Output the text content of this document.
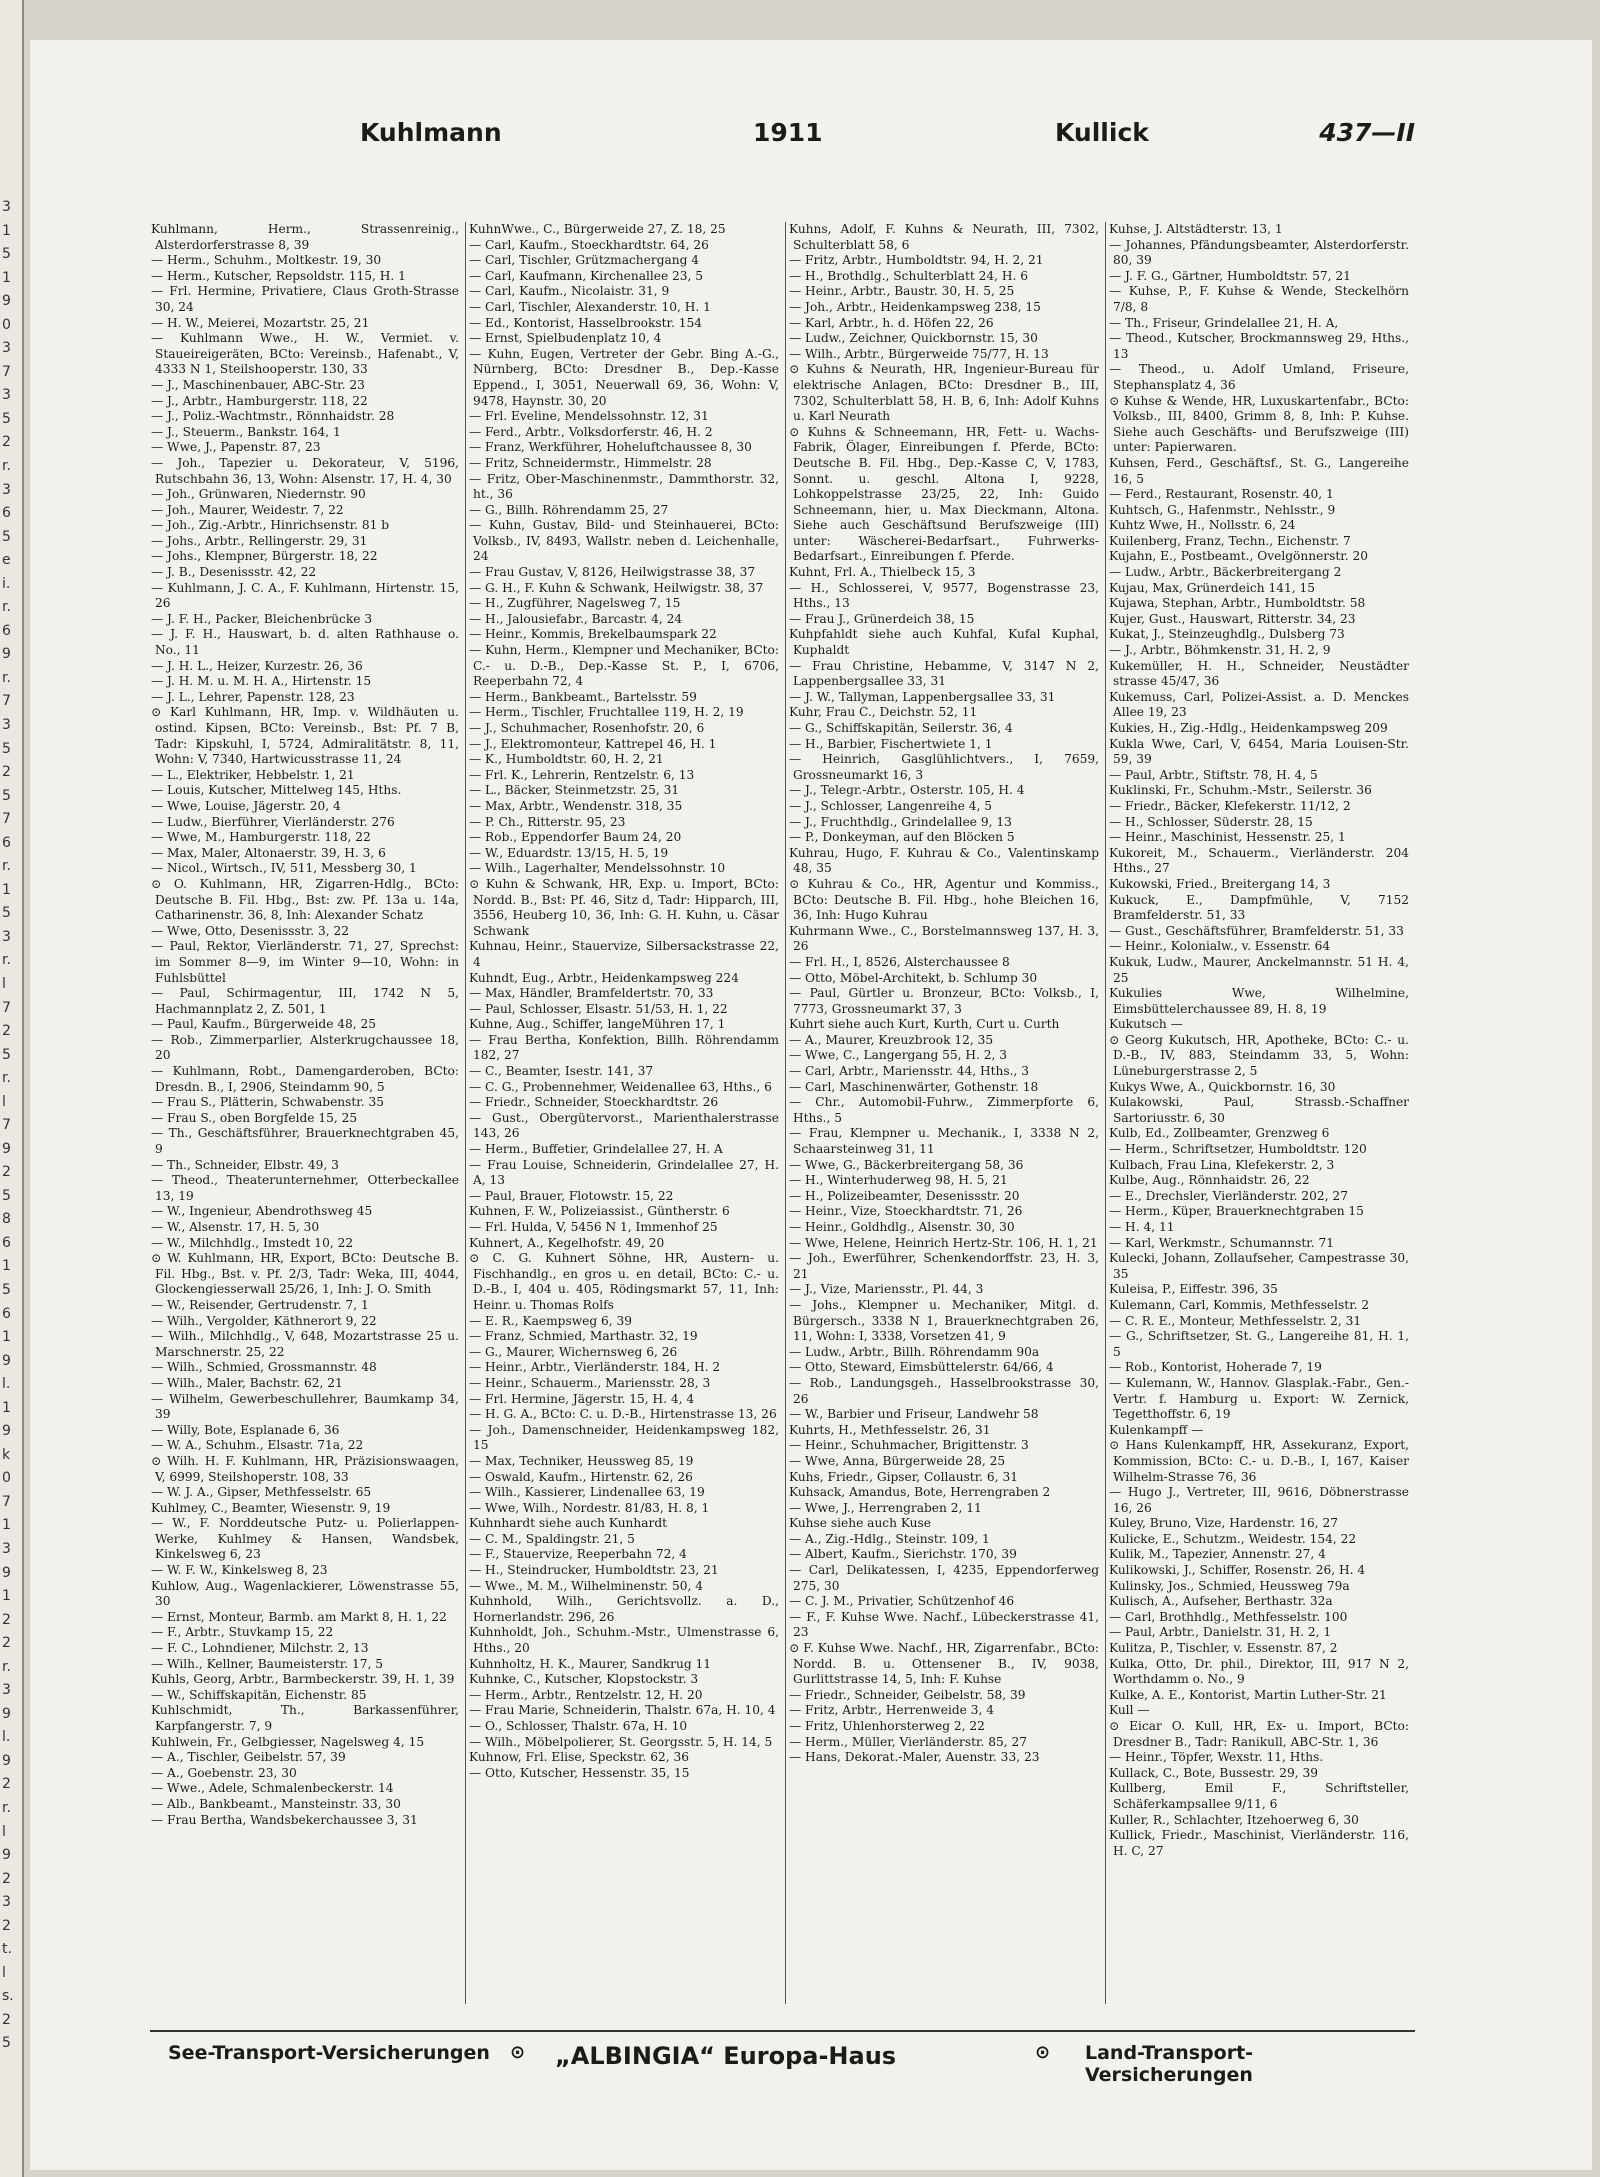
3
1
5
1
9
0
3
7
3
5
2
r.
3
6
5
e
i.
r.
6
9
r.
7
3
5
2
5
7
6
r.
1
5
3
r.
l
7
2
5
r.
l
7
9
2
5
8
6
1
5
6
1
9
l.
1
9
k
0
7
1
3
9
1
2
2
r.
3
9
l.
9
2
r.
l
9
2
3
2
t.
l
s.
2
5
Kuhlmann	1911	Kullick	437—II
Kuhlmann, Herm., Strassenreinig., Alsterdorferstrasse 8, 39
— Herm., Schuhm., Moltkestr. 19, 30
— Herm., Kutscher, Repsoldstr. 115, H. 1
— Frl. Hermine, Privatiere, Claus Groth-Strasse 30, 24
— H. W., Meierei, Mozartstr. 25, 21
— Kuhlmann Wwe., H. W., Vermiet. v. Staueireigeräten, BCto: Vereinsb., Hafenabt., V, 4333 N 1, Steilshooperstr. 130, 33
— J., Maschinenbauer, ABC-Str. 23
— J., Arbtr., Hamburgerstr. 118, 22
— J., Poliz.-Wachtmstr., Rönnhaidstr. 28
— J., Steuerm., Bankstr. 164, 1
— Wwe, J., Papenstr. 87, 23
— Joh., Tapezier u. Dekorateur, V, 5196, Rutschbahn 36, 13, Wohn: Alsenstr. 17, H. 4, 30
— Joh., Grünwaren, Niedernstr. 90
— Joh., Maurer, Weidestr. 7, 22
— Joh., Zig.-Arbtr., Hinrichsenstr. 81 b
— Johs., Arbtr., Rellingerstr. 29, 31
— Johs., Klempner, Bürgerstr. 18, 22
— J. B., Desenissstr. 42, 22
— Kuhlmann, J. C. A., F. Kuhlmann, Hirtenstr. 15, 26
— J. F. H., Packer, Bleichenbrücke 3
— J. F. H., Hauswart, b. d. alten Rathhause o. No., 11
— J. H. L., Heizer, Kurzestr. 26, 36
— J. H. M. u. M. H. A., Hirtenstr. 15
— J. L., Lehrer, Papenstr. 128, 23
⊙ Karl Kuhlmann, HR, Imp. v. Wildhäuten u. ostind. Kipsen, BCto: Vereinsb., Bst: Pf. 7 B, Tadr: Kipskuhl, I, 5724, Admiralitätstr. 8, 11, Wohn: V, 7340, Hartwicusstrasse 11, 24
— L., Elektriker, Hebbelstr. 1, 21
— Louis, Kutscher, Mittelweg 145, Hths.
— Wwe, Louise, Jägerstr. 20, 4
— Ludw., Bierführer, Vierländerstr. 276
— Wwe, M., Hamburgerstr. 118, 22
— Max, Maler, Altonaerstr. 39, H. 3, 6
— Nicol., Wirtsch., IV, 511, Messberg 30, 1
⊙ O. Kuhlmann, HR, Zigarren-Hdlg., BCto: Deutsche B. Fil. Hbg., Bst: zw. Pf. 13a u. 14a, Catharinenstr. 36, 8, Inh: Alexander Schatz
— Wwe, Otto, Desenissstr. 3, 22
— Paul, Rektor, Vierländerstr. 71, 27, Sprechst: im Sommer 8—9, im Winter 9—10, Wohn: in Fuhlsbüttel
— Paul, Schirmagentur, III, 1742 N 5, Hachmannplatz 2, Z. 501, 1
— Paul, Kaufm., Bürgerweide 48, 25
— Rob., Zimmerparlier, Alsterkrugchaussee 18, 20
— Kuhlmann, Robt., Damengarderoben, BCto: Dresdn. B., I, 2906, Steindamm 90, 5
— Frau S., Plätterin, Schwabenstr. 35
— Frau S., oben Borgfelde 15, 25
— Th., Geschäftsführer, Brauerknechtgraben 45, 9
— Th., Schneider, Elbstr. 49, 3
— Theod., Theaterunternehmer, Otterbeckallee 13, 19
— W., Ingenieur, Abendrothsweg 45
— W., Alsenstr. 17, H. 5, 30
— W., Milchhdlg., Imstedt 10, 22
⊙ W. Kuhlmann, HR, Export, BCto: Deutsche B. Fil. Hbg., Bst. v. Pf. 2/3, Tadr: Weka, III, 4044, Glockengiesserwall 25/26, 1, Inh: J. O. Smith
— W., Reisender, Gertrudenstr. 7, 1
— Wilh., Vergolder, Käthnerort 9, 22
— Wilh., Milchhdlg., V, 648, Mozartstrasse 25 u. Marschnerstr. 25, 22
— Wilh., Schmied, Grossmannstr. 48
— Wilh., Maler, Bachstr. 62, 21
— Wilhelm, Gewerbeschullehrer, Baumkamp 34, 39
— Willy, Bote, Esplanade 6, 36
— W. A., Schuhm., Elsastr. 71a, 22
⊙ Wilh. H. F. Kuhlmann, HR, Präzisionswaagen, V, 6999, Steilshoperstr. 108, 33
— W. J. A., Gipser, Methfesselstr. 65
Kuhlmey, C., Beamter, Wiesenstr. 9, 19
— W., F. Norddeutsche Putz- u. Polierlappen-Werke, Kuhlmey & Hansen, Wandsbek, Kinkelsweg 6, 23
— W. F. W., Kinkelsweg 8, 23
Kuhlow, Aug., Wagenlackierer, Löwenstrasse 55, 30
— Ernst, Monteur, Barmb. am Markt 8, H. 1, 22
— F., Arbtr., Stuvkamp 15, 22
— F. C., Lohndiener, Milchstr. 2, 13
— Wilh., Kellner, Baumeisterstr. 17, 5
Kuhls, Georg, Arbtr., Barmbeckerstr. 39, H. 1, 39
— W., Schiffskapitän, Eichenstr. 85
Kuhlschmidt, Th., Barkassenführer, Karpfangerstr. 7, 9
Kuhlwein, Fr., Gelbgiesser, Nagelsweg 4, 15
— A., Tischler, Geibelstr. 57, 39
— A., Goebenstr. 23, 30
— Wwe., Adele, Schmalenbeckerstr. 14
— Alb., Bankbeamt., Mansteinstr. 33, 30
— Frau Bertha, Wandsbekerchaussee 3, 31
KuhnWwe., C., Bürgerweide 27, Z. 18, 25
— Carl, Kaufm., Stoeckhardtstr. 64, 26
— Carl, Tischler, Grützmachergang 4
— Carl, Kaufmann, Kirchenallee 23, 5
— Carl, Kaufm., Nicolaistr. 31, 9
— Carl, Tischler, Alexanderstr. 10, H. 1
— Ed., Kontorist, Hasselbrookstr. 154
— Ernst, Spielbudenplatz 10, 4
— Kuhn, Eugen, Vertreter der Gebr. Bing A.-G., Nürnberg, BCto: Dresdner B., Dep.-Kasse Eppend., I, 3051, Neuerwall 69, 36, Wohn: V, 9478, Haynstr. 30, 20
— Frl. Eveline, Mendelssohnstr. 12, 31
— Ferd., Arbtr., Volksdorferstr. 46, H. 2
— Franz, Werkführer, Hoheluftchaussee 8, 30
— Fritz, Schneidermstr., Himmelstr. 28
— Fritz, Ober-Maschinenmstr., Dammthorstr. 32, ht., 36
— G., Billh. Röhrendamm 25, 27
— Kuhn, Gustav, Bild- und Steinhauerei, BCto: Volksb., IV, 8493, Wallstr. neben d. Leichenhalle, 24
— Frau Gustav, V, 8126, Heilwigstrasse 38, 37
— G. H., F. Kuhn & Schwank, Heilwigstr. 38, 37
— H., Zugführer, Nagelsweg 7, 15
— H., Jalousiefabr., Barcastr. 4, 24
— Heinr., Kommis, Brekelbaumspark 22
— Kuhn, Herm., Klempner und Mechaniker, BCto: C.- u. D.-B., Dep.-Kasse St. P., I, 6706, Reeperbahn 72, 4
— Herm., Bankbeamt., Bartelsstr. 59
— Herm., Tischler, Fruchtallee 119, H. 2, 19
— J., Schuhmacher, Rosenhofstr. 20, 6
— J., Elektromonteur, Kattrepel 46, H. 1
— K., Humboldtstr. 60, H. 2, 21
— Frl. K., Lehrerin, Rentzelstr. 6, 13
— L., Bäcker, Steinmetzstr. 25, 31
— Max, Arbtr., Wendenstr. 318, 35
— P. Ch., Ritterstr. 95, 23
— Rob., Eppendorfer Baum 24, 20
— W., Eduardstr. 13/15, H. 5, 19
— Wilh., Lagerhalter, Mendelssohnstr. 10
⊙ Kuhn & Schwank, HR, Exp. u. Import, BCto: Nordd. B., Bst: Pf. 46, Sitz d, Tadr: Hipparch, III, 3556, Heuberg 10, 36, Inh: G. H. Kuhn, u. Cäsar Schwank
Kuhnau, Heinr., Stauervize, Silbersackstrasse 22, 4
Kuhndt, Eug., Arbtr., Heidenkampsweg 224
— Max, Händler, Bramfeldertstr. 70, 33
— Paul, Schlosser, Elsastr. 51/53, H. 1, 22
Kuhne, Aug., Schiffer, langeMühren 17, 1
— Frau Bertha, Konfektion, Billh. Röhrendamm 182, 27
— C., Beamter, Isestr. 141, 37
— C. G., Probennehmer, Weidenallee 63, Hths., 6
— Friedr., Schneider, Stoeckhardtstr. 26
— Gust., Obergütervorst., Marienthalerstrasse 143, 26
— Herm., Buffetier, Grindelallee 27, H. A
— Frau Louise, Schneiderin, Grindelallee 27, H. A, 13
— Paul, Brauer, Flotowstr. 15, 22
Kuhnen, F. W., Polizeiassist., Güntherstr. 6
— Frl. Hulda, V, 5456 N 1, Immenhof 25
Kuhnert, A., Kegelhofstr. 49, 20
⊙ C. G. Kuhnert Söhne, HR, Austern- u. Fischhandlg., en gros u. en detail, BCto: C.- u. D.-B., I, 404 u. 405, Rödingsmarkt 57, 11, Inh: Heinr. u. Thomas Rolfs
— E. R., Kaempsweg 6, 39
— Franz, Schmied, Marthastr. 32, 19
— G., Maurer, Wichernsweg 6, 26
— Heinr., Arbtr., Vierländerstr. 184, H. 2
— Heinr., Schauerm., Mariensstr. 28, 3
— Frl. Hermine, Jägerstr. 15, H. 4, 4
— H. G. A., BCto: C. u. D.-B., Hirtenstrasse 13, 26
— Joh., Damenschneider, Heidenkampsweg 182, 15
— Max, Techniker, Heussweg 85, 19
— Oswald, Kaufm., Hirtenstr. 62, 26
— Wilh., Kassierer, Lindenallee 63, 19
— Wwe, Wilh., Nordestr. 81/83, H. 8, 1
Kuhnhardt siehe auch Kunhardt
— C. M., Spaldingstr. 21, 5
— F., Stauervize, Reeperbahn 72, 4
— H., Steindrucker, Humboldtstr. 23, 21
— Wwe., M. M., Wilhelminenstr. 50, 4
Kuhnhold, Wilh., Gerichtsvollz. a. D., Hornerlandstr. 296, 26
Kuhnholdt, Joh., Schuhm.-Mstr., Ulmenstrasse 6, Hths., 20
Kuhnholtz, H. K., Maurer, Sandkrug 11
Kuhnke, C., Kutscher, Klopstockstr. 3
— Herm., Arbtr., Rentzelstr. 12, H. 20
— Frau Marie, Schneiderin, Thalstr. 67a, H. 10, 4
— O., Schlosser, Thalstr. 67a, H. 10
— Wilh., Möbelpolierer, St. Georgsstr. 5, H. 14, 5
Kuhnow, Frl. Elise, Speckstr. 62, 36
— Otto, Kutscher, Hessenstr. 35, 15
Kuhns, Adolf, F. Kuhns & Neurath, III, 7302, Schulterblatt 58, 6
— Fritz, Arbtr., Humboldtstr. 94, H. 2, 21
— H., Brothdlg., Schulterblatt 24, H. 6
— Heinr., Arbtr., Baustr. 30, H. 5, 25
— Joh., Arbtr., Heidenkampsweg 238, 15
— Karl, Arbtr., h. d. Höfen 22, 26
— Ludw., Zeichner, Quickbornstr. 15, 30
— Wilh., Arbtr., Bürgerweide 75/77, H. 13
⊙ Kuhns & Neurath, HR, Ingenieur-Bureau für elektrische Anlagen, BCto: Dresdner B., III, 7302, Schulterblatt 58, H. B, 6, Inh: Adolf Kuhns u. Karl Neurath
⊙ Kuhns & Schneemann, HR, Fett- u. Wachs-Fabrik, Ölager, Einreibungen f. Pferde, BCto: Deutsche B. Fil. Hbg., Dep.-Kasse C, V, 1783, Sonnt. u. geschl. Altona I, 9228, Lohkoppelstrasse 23/25, 22, Inh: Guido Schneemann, hier, u. Max Dieckmann, Altona. Siehe auch Geschäftsund Berufszweige (III) unter: Wäscherei-Bedarfsart., Fuhrwerks-Bedarfsart., Einreibungen f. Pferde.
Kuhnt, Frl. A., Thielbeck 15, 3
— H., Schlosserei, V, 9577, Bogenstrasse 23, Hths., 13
— Frau J., Grünerdeich 38, 15
Kuhpfahldt siehe auch Kuhfal, Kufal Kuphal, Kuphaldt
— Frau Christine, Hebamme, V, 3147 N 2, Lappenbergsallee 33, 31
— J. W., Tallyman, Lappenbergsallee 33, 31
Kuhr, Frau C., Deichstr. 52, 11
— G., Schiffskapitän, Seilerstr. 36, 4
— H., Barbier, Fischertwiete 1, 1
— Heinrich, Gasglühlichtvers., I, 7659, Grossneumarkt 16, 3
— J., Telegr.-Arbtr., Osterstr. 105, H. 4
— J., Schlosser, Langenreihe 4, 5
— J., Fruchthdlg., Grindelallee 9, 13
— P., Donkeyman, auf den Blöcken 5
Kuhrau, Hugo, F. Kuhrau & Co., Valentinskamp 48, 35
⊙ Kuhrau & Co., HR, Agentur und Kommiss., BCto: Deutsche B. Fil. Hbg., hohe Bleichen 16, 36, Inh: Hugo Kuhrau
Kuhrmann Wwe., C., Borstelmannsweg 137, H. 3, 26
— Frl. H., I, 8526, Alsterchaussee 8
— Otto, Möbel-Architekt, b. Schlump 30
— Paul, Gürtler u. Bronzeur, BCto: Volksb., I, 7773, Grossneumarkt 37, 3
Kuhrt siehe auch Kurt, Kurth, Curt u. Curth
— A., Maurer, Kreuzbrook 12, 35
— Wwe, C., Langergang 55, H. 2, 3
— Carl, Arbtr., Mariensstr. 44, Hths., 3
— Carl, Maschinenwärter, Gothenstr. 18
— Chr., Automobil-Fuhrw., Zimmerpforte 6, Hths., 5
— Frau, Klempner u. Mechanik., I, 3338 N 2, Schaarsteinweg 31, 11
— Wwe, G., Bäckerbreitergang 58, 36
— H., Winterhuderweg 98, H. 5, 21
— H., Polizeibeamter, Desenissstr. 20
— Heinr., Vize, Stoeckhardtstr. 71, 26
— Heinr., Goldhdlg., Alsenstr. 30, 30
— Wwe, Helene, Heinrich Hertz-Str. 106, H. 1, 21
— Joh., Ewerführer, Schenkendorffstr. 23, H. 3, 21
— J., Vize, Mariensstr., Pl. 44, 3
— Johs., Klempner u. Mechaniker, Mitgl. d. Bürgersch., 3338 N 1, Brauerknechtgraben 26, 11, Wohn: I, 3338, Vorsetzen 41, 9
— Ludw., Arbtr., Billh. Röhrendamm 90a
— Otto, Steward, Eimsbüttelerstr. 64/66, 4
— Rob., Landungsgeh., Hasselbrookstrasse 30, 26
— W., Barbier und Friseur, Landwehr 58
Kuhrts, H., Methfesselstr. 26, 31
— Heinr., Schuhmacher, Brigittenstr. 3
— Wwe, Anna, Bürgerweide 28, 25
Kuhs, Friedr., Gipser, Collaustr. 6, 31
Kuhsack, Amandus, Bote, Herrengraben 2
— Wwe, J., Herrengraben 2, 11
Kuhse siehe auch Kuse
— A., Zig.-Hdlg., Steinstr. 109, 1
— Albert, Kaufm., Sierichstr. 170, 39
— Carl, Delikatessen, I, 4235, Eppendorferweg 275, 30
— C. J. M., Privatier, Schützenhof 46
— F., F. Kuhse Wwe. Nachf., Lübeckerstrasse 41, 23
⊙ F. Kuhse Wwe. Nachf., HR, Zigarrenfabr., BCto: Nordd. B. u. Ottensener B., IV, 9038, Gurlittstrasse 14, 5, Inh: F. Kuhse
— Friedr., Schneider, Geibelstr. 58, 39
— Fritz, Arbtr., Herrenweide 3, 4
— Fritz, Uhlenhorsterweg 2, 22
— Herm., Müller, Vierländerstr. 85, 27
— Hans, Dekorat.-Maler, Auenstr. 33, 23
Kuhse, J. Altstädterstr. 13, 1
— Johannes, Pfändungsbeamter, Alsterdorferstr. 80, 39
— J. F. G., Gärtner, Humboldtstr. 57, 21
— Kuhse, P., F. Kuhse & Wende, Steckelhörn 7/8, 8
— Th., Friseur, Grindelallee 21, H. A,
— Theod., Kutscher, Brockmannsweg 29, Hths., 13
— Theod., u. Adolf Umland, Friseure, Stephansplatz 4, 36
⊙ Kuhse & Wende, HR, Luxuskartenfabr., BCto: Volksb., III, 8400, Grimm 8, 8, Inh: P. Kuhse. Siehe auch Geschäfts- und Berufszweige (III) unter: Papierwaren.
Kuhsen, Ferd., Geschäftsf., St. G., Langereihe 16, 5
— Ferd., Restaurant, Rosenstr. 40, 1
Kuhtsch, G., Hafenmstr., Nehlsstr., 9
Kuhtz Wwe, H., Nollsstr. 6, 24
Kuilenberg, Franz, Techn., Eichenstr. 7
Kujahn, E., Postbeamt., Ovelgönnerstr. 20
— Ludw., Arbtr., Bäckerbreitergang 2
Kujau, Max, Grünerdeich 141, 15
Kujawa, Stephan, Arbtr., Humboldtstr. 58
Kujer, Gust., Hauswart, Ritterstr. 34, 23
Kukat, J., Steinzeughdlg., Dulsberg 73
— J., Arbtr., Böhmkenstr. 31, H. 2, 9
Kukemüller, H. H., Schneider, Neustädter strasse 45/47, 36
Kukemuss, Carl, Polizei-Assist. a. D. Menckes Allee 19, 23
Kukies, H., Zig.-Hdlg., Heidenkampsweg 209
Kukla Wwe, Carl, V, 6454, Maria Louisen-Str. 59, 39
— Paul, Arbtr., Stiftstr. 78, H. 4, 5
Kuklinski, Fr., Schuhm.-Mstr., Seilerstr. 36
— Friedr., Bäcker, Klefekerstr. 11/12, 2
— H., Schlosser, Süderstr. 28, 15
— Heinr., Maschinist, Hessenstr. 25, 1
Kukoreit, M., Schauerm., Vierländerstr. 204 Hths., 27
Kukowski, Fried., Breitergang 14, 3
Kukuck, E., Dampfmühle, V, 7152 Bramfelderstr. 51, 33
— Gust., Geschäftsführer, Bramfelderstr. 51, 33
— Heinr., Kolonialw., v. Essenstr. 64
Kukuk, Ludw., Maurer, Anckelmannstr. 51 H. 4, 25
Kukulies Wwe, Wilhelmine, Eimsbüttelerchaussee 89, H. 8, 19
Kukutsch —
⊙ Georg Kukutsch, HR, Apotheke, BCto: C.- u. D.-B., IV, 883, Steindamm 33, 5, Wohn: Lüneburgerstrasse 2, 5
Kukys Wwe, A., Quickbornstr. 16, 30
Kulakowski, Paul, Strassb.-Schaffner Sartoriusstr. 6, 30
Kulb, Ed., Zollbeamter, Grenzweg 6
— Herm., Schriftsetzer, Humboldtstr. 120
Kulbach, Frau Lina, Klefekerstr. 2, 3
Kulbe, Aug., Rönnhaidstr. 26, 22
— E., Drechsler, Vierländerstr. 202, 27
— Herm., Küper, Brauerknechtgraben 15
— H. 4, 11
— Karl, Werkmstr., Schumannstr. 71
Kulecki, Johann, Zollaufseher, Campestrasse 30, 35
Kuleisa, P., Eiffestr. 396, 35
Kulemann, Carl, Kommis, Methfesselstr. 2
— C. R. E., Monteur, Methfesselstr. 2, 31
— G., Schriftsetzer, St. G., Langereihe 81, H. 1, 5
— Rob., Kontorist, Hoherade 7, 19
— Kulemann, W., Hannov. Glasplak.-Fabr., Gen.-Vertr. f. Hamburg u. Export: W. Zernick, Tegetthoffstr. 6, 19
Kulenkampff —
⊙ Hans Kulenkampff, HR, Assekuranz, Export, Kommission, BCto: C.- u. D.-B., I, 167, Kaiser Wilhelm-Strasse 76, 36
— Hugo J., Vertreter, III, 9616, Döbnerstrasse 16, 26
Kuley, Bruno, Vize, Hardenstr. 16, 27
Kulicke, E., Schutzm., Weidestr. 154, 22
Kulik, M., Tapezier, Annenstr. 27, 4
Kulikowski, J., Schiffer, Rosenstr. 26, H. 4
Kulinsky, Jos., Schmied, Heussweg 79a
Kulisch, A., Aufseher, Berthastr. 32a
— Carl, Brothhdlg., Methfesselstr. 100
— Paul, Arbtr., Danielstr. 31, H. 2, 1
Kulitza, P., Tischler, v. Essenstr. 87, 2
Kulka, Otto, Dr. phil., Direktor, III, 917 N 2, Worthdamm o. No., 9
Kulke, A. E., Kontorist, Martin Luther-Str. 21
Kull —
⊙ Eicar O. Kull, HR, Ex- u. Import, BCto: Dresdner B., Tadr: Ranikull, ABC-Str. 1, 36
— Heinr., Töpfer, Wexstr. 11, Hths.
Kullack, C., Bote, Bussestr. 29, 39
Kullberg, Emil F., Schriftsteller, Schäferkampsallee 9/11, 6
Kuller, R., Schlachter, Itzehoerweg 6, 30
Kullick, Friedr., Maschinist, Vierländerstr. 116, H. C, 27
See-Transport-Versicherungen ⊙ „ALBINGIA“ Europa-Haus	⊙ Land-Transport-Versicherungen
